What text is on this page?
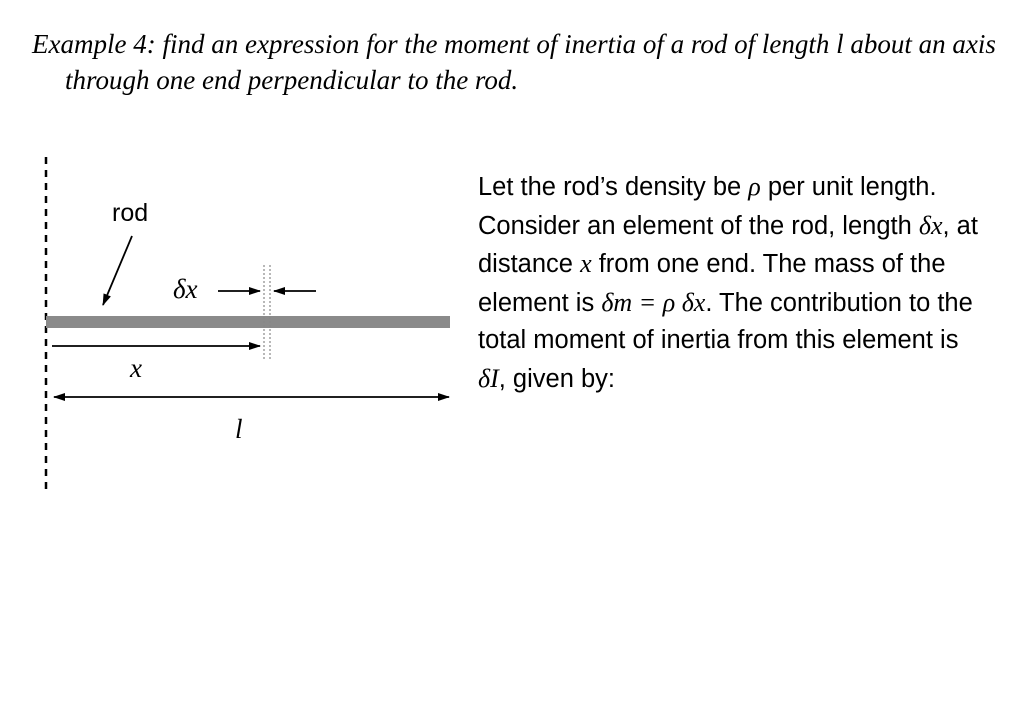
Example 4: find an expression for the moment of inertia of a rod of length l about an axis through one end perpendicular to the rod.
rod
δx
x
l
Let the rod’s density be ρ per unit length. Consider an element of the rod, length δx, at distance x from one end. The mass of the element is δm = ρ δx. The contribution to the total moment of inertia from this element is δI, given by:
